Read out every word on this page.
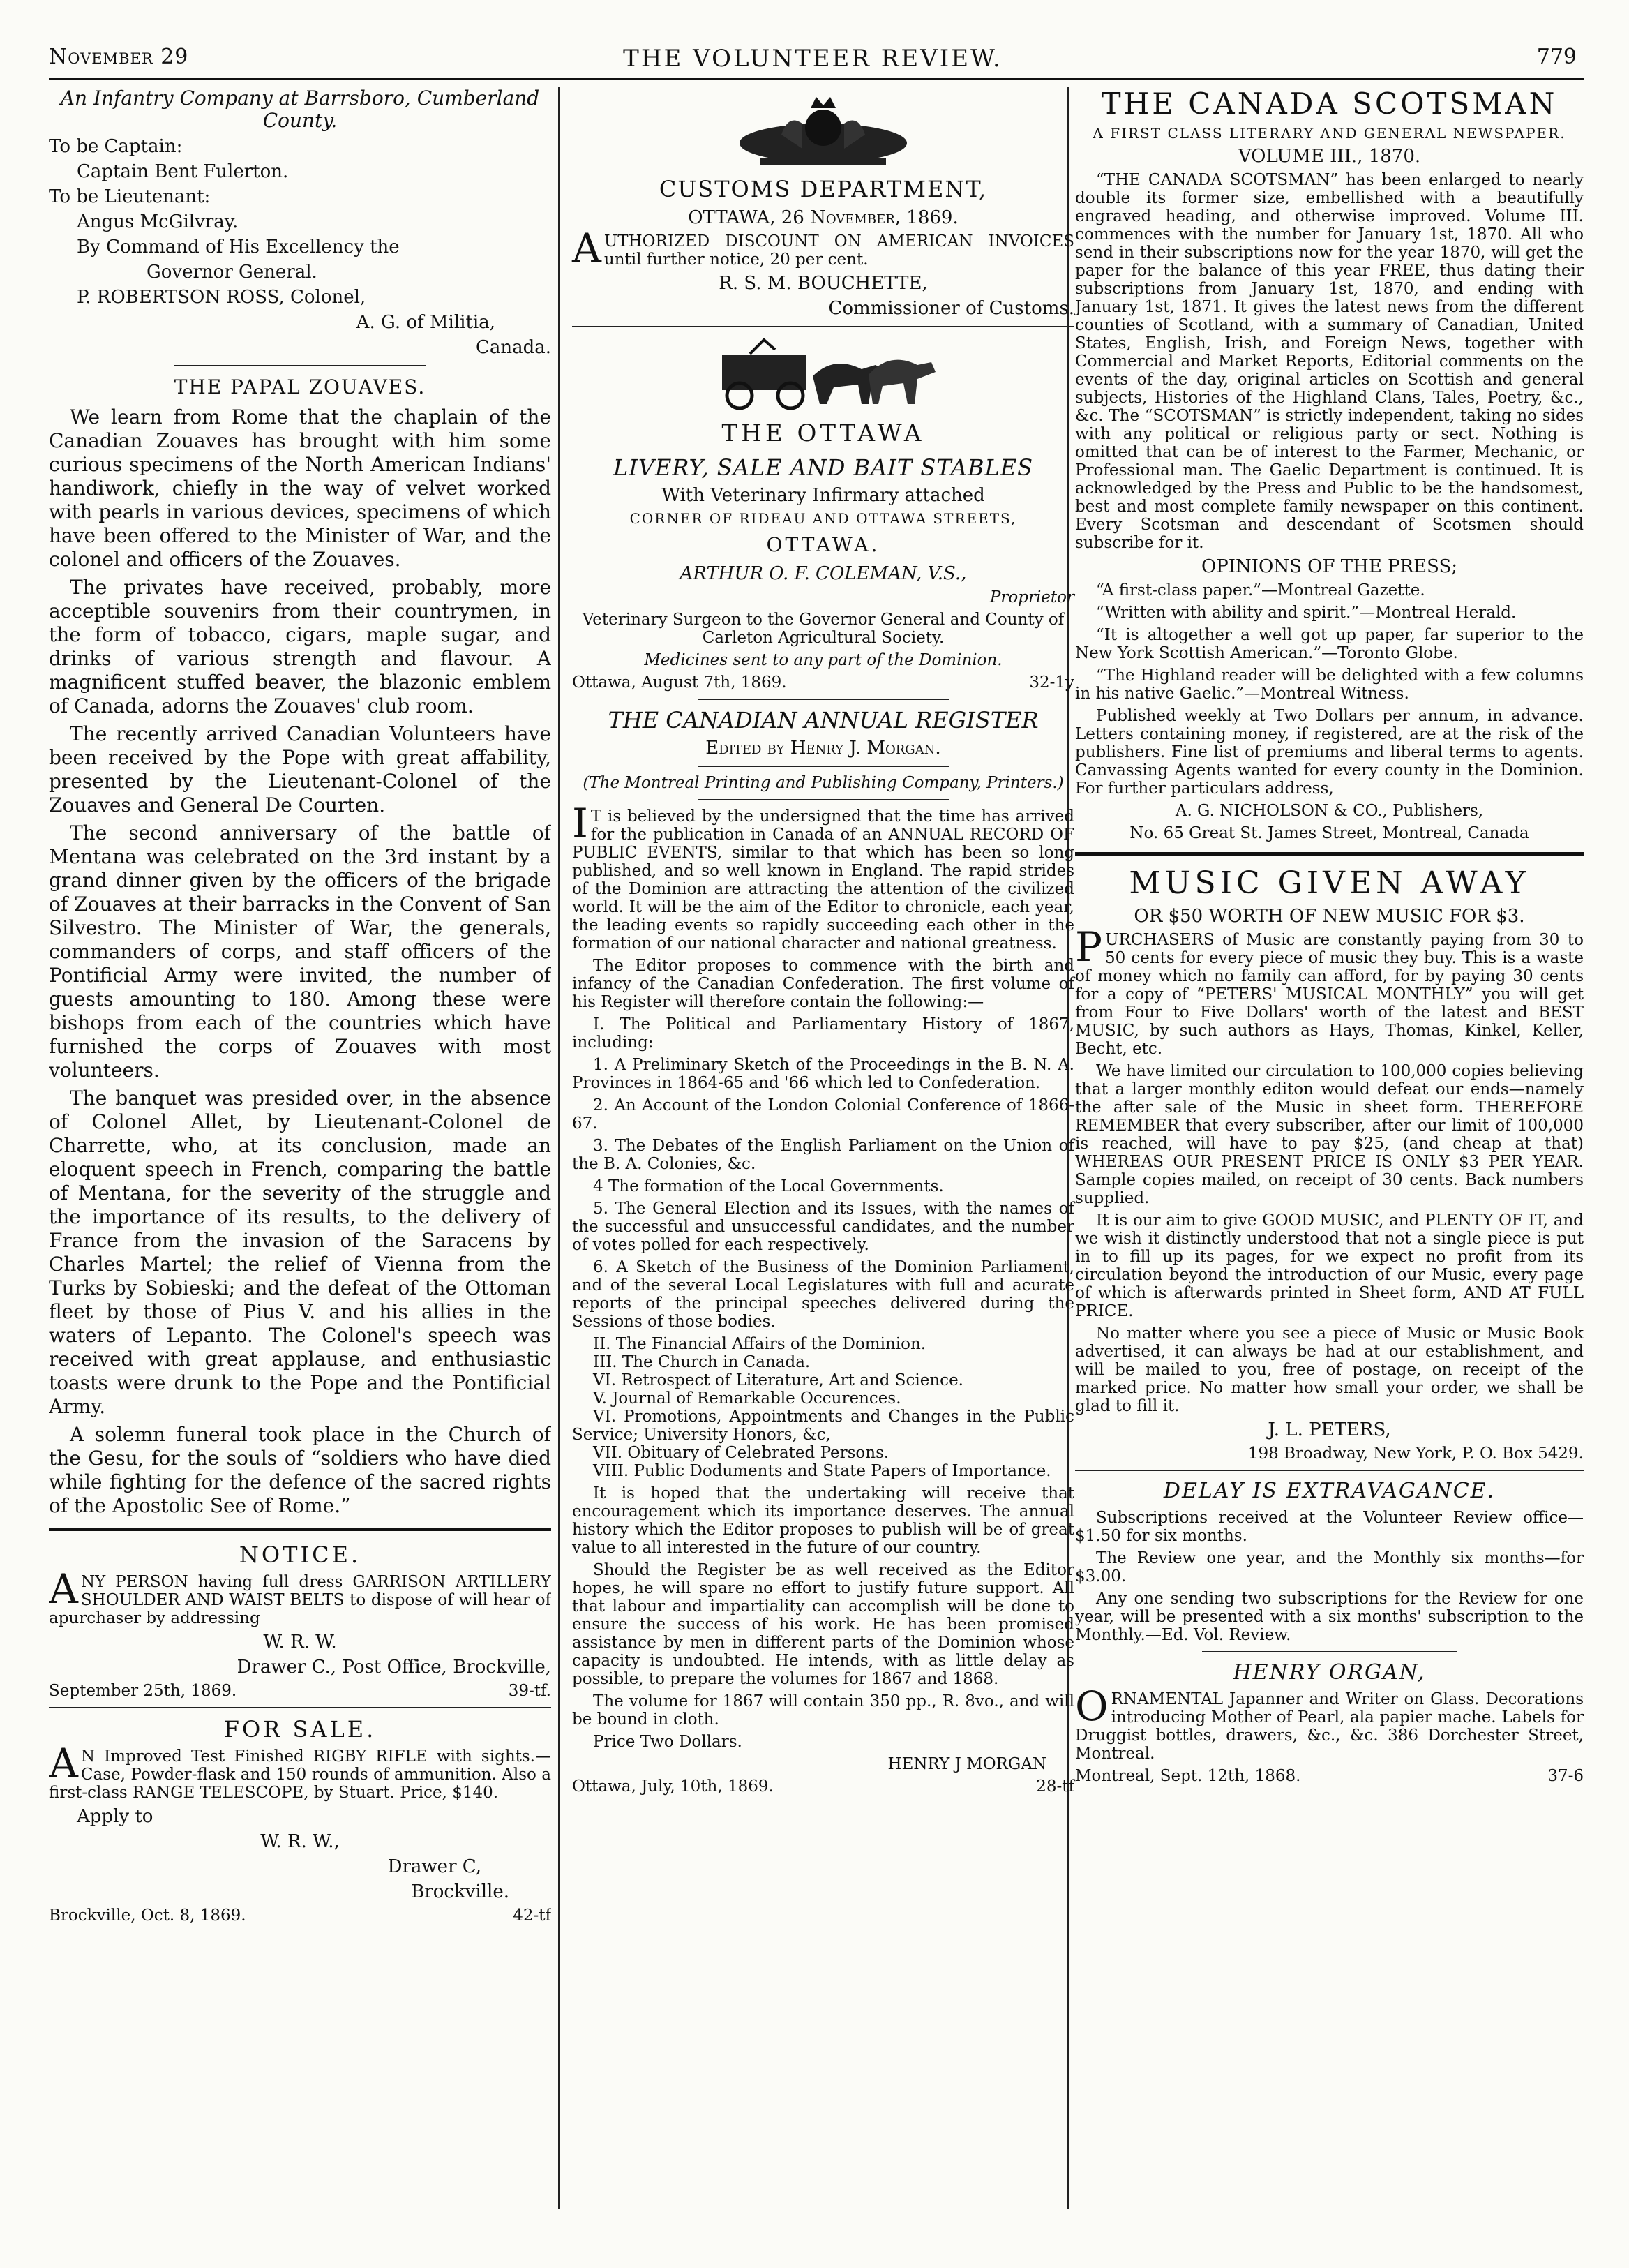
November 29	THE VOLUNTEER REVIEW.	779

An Infantry Company at Barrsboro, Cumberland County.

To be Captain:

Captain Bent Fulerton.

To be Lieutenant:

Angus McGilvray.

By Command of His Excellency the

Governor General.

P. ROBERTSON ROSS, Colonel,

A. G. of Militia,

Canada.

THE PAPAL ZOUAVES.

We learn from Rome that the chaplain of the Canadian Zouaves has brought with him some curious specimens of the North American Indians' handiwork, chiefly in the way of velvet worked with pearls in various devices, specimens of which have been offered to the Minister of War, and the colonel and officers of the Zouaves.

The privates have received, probably, more acceptible souvenirs from their countrymen, in the form of tobacco, cigars, maple sugar, and drinks of various strength and flavour. A magnificent stuffed beaver, the blazonic emblem of Canada, adorns the Zouaves' club room.

The recently arrived Canadian Volunteers have been received by the Pope with great affability, presented by the Lieutenant-Colonel of the Zouaves and General De Courten.

The second anniversary of the battle of Mentana was celebrated on the 3rd instant by a grand dinner given by the officers of the brigade of Zouaves at their barracks in the Convent of San Silvestro. The Minister of War, the generals, commanders of corps, and staff officers of the Pontificial Army were invited, the number of guests amounting to 180. Among these were bishops from each of the countries which have furnished the corps of Zouaves with most volunteers.

The banquet was presided over, in the absence of Colonel Allet, by Lieutenant-Colonel de Charrette, who, at its conclusion, made an eloquent speech in French, comparing the battle of Mentana, for the severity of the struggle and the importance of its results, to the delivery of France from the invasion of the Saracens by Charles Martel; the relief of Vienna from the Turks by Sobieski; and the defeat of the Ottoman fleet by those of Pius V. and his allies in the waters of Lepanto. The Colonel's speech was received with great applause, and enthusiastic toasts were drunk to the Pope and the Pontificial Army.

A solemn funeral took place in the Church of the Gesu, for the souls of “soldiers who have died while fighting for the defence of the sacred rights of the Apostolic See of Rome.”

NOTICE.

ANY PERSON having full dress GARRISON ARTILLERY SHOULDER AND WAIST BELTS to dispose of will hear of apurchaser by addressing

W. R. W.

Drawer C., Post Office, Brockville,

September 25th, 1869.	39-tf.

FOR SALE.

AN Improved Test Finished RIGBY RIFLE with sights.—Case, Powder-flask and 150 rounds of ammunition. Also a first-class RANGE TELESCOPE, by Stuart. Price, $140.

Apply to

W. R. W.,

Drawer C,

Brockville.

Brockville, Oct. 8, 1869.	42-tf

CUSTOMS DEPARTMENT,

OTTAWA, 26 November, 1869.

AUTHORIZED DISCOUNT ON AMERICAN INVOICES until further notice, 20 per cent.

R. S. M. BOUCHETTE,

Commissioner of Customs.

THE OTTAWA

LIVERY, SALE AND BAIT STABLES

With Veterinary Infirmary attached

CORNER OF RIDEAU AND OTTAWA STREETS,

OTTAWA.

ARTHUR O. F. COLEMAN, V.S.,

Proprietor

Veterinary Surgeon to the Governor General and County of Carleton Agricultural Society.

Medicines sent to any part of the Dominion.

Ottawa, August 7th, 1869.	32-1y

THE CANADIAN ANNUAL REGISTER

Edited by Henry J. Morgan.

(The Montreal Printing and Publishing Company, Printers.)

IT is believed by the undersigned that the time has arrived for the publication in Canada of an ANNUAL RECORD OF PUBLIC EVENTS, similar to that which has been so long published, and so well known in England. The rapid strides of the Dominion are attracting the attention of the civilized world. It will be the aim of the Editor to chronicle, each year, the leading events so rapidly succeeding each other in the formation of our national character and national greatness.

The Editor proposes to commence with the birth and infancy of the Canadian Confederation. The first volume of his Register will therefore contain the following:—

I. The Political and Parliamentary History of 1867, including:

1. A Preliminary Sketch of the Proceedings in the B. N. A. Provinces in 1864-65 and '66 which led to Confederation.

2. An Account of the London Colonial Conference of 1866-67.

3. The Debates of the English Parliament on the Union of the B. A. Colonies, &c.

4 The formation of the Local Governments.

5. The General Election and its Issues, with the names of the successful and unsuccessful candidates, and the number of votes polled for each respectively.

6. A Sketch of the Business of the Dominion Parliament, and of the several Local Legislatures with full and acurate reports of the principal speeches delivered during the Sessions of those bodies.

II. The Financial Affairs of the Dominion.

III. The Church in Canada.

VI. Retrospect of Literature, Art and Science.

V. Journal of Remarkable Occurences.

VI. Promotions, Appointments and Changes in the Public Service; University Honors, &c,

VII. Obituary of Celebrated Persons.

VIII. Public Doduments and State Papers of Importance.

It is hoped that the undertaking will receive that encouragement which its importance deserves. The annual history which the Editor proposes to publish will be of great value to all interested in the future of our country.

Should the Register be as well received as the Editor hopes, he will spare no effort to justify future support. All that labour and impartiality can accomplish will be done to ensure the success of his work. He has been promised assistance by men in different parts of the Dominion whose capacity is undoubted. He intends, with as little delay as possible, to prepare the volumes for 1867 and 1868.

The volume for 1867 will contain 350 pp., R. 8vo., and will be bound in cloth.

Price Two Dollars.

HENRY J MORGAN

Ottawa, July, 10th, 1869.	28-tf

THE CANADA SCOTSMAN

A FIRST CLASS LITERARY AND GENERAL NEWSPAPER.

VOLUME III., 1870.

“THE CANADA SCOTSMAN” has been enlarged to nearly double its former size, embellished with a beautifully engraved heading, and otherwise improved. Volume III. commences with the number for January 1st, 1870. All who send in their subscriptions now for the year 1870, will get the paper for the balance of this year FREE, thus dating their subscriptions from January 1st, 1870, and ending with January 1st, 1871. It gives the latest news from the different counties of Scotland, with a summary of Canadian, United States, English, Irish, and Foreign News, together with Commercial and Market Reports, Editorial comments on the events of the day, original articles on Scottish and general subjects, Histories of the Highland Clans, Tales, Poetry, &c., &c. The “SCOTSMAN” is strictly independent, taking no sides with any political or religious party or sect. Nothing is omitted that can be of interest to the Farmer, Mechanic, or Professional man. The Gaelic Department is continued. It is acknowledged by the Press and Public to be the handsomest, best and most complete family newspaper on this continent. Every Scotsman and descendant of Scotsmen should subscribe for it.

OPINIONS OF THE PRESS;

“A first-class paper.”—Montreal Gazette.

“Written with ability and spirit.”—Montreal Herald.

“It is altogether a well got up paper, far superior to the New York Scottish American.”—Toronto Globe.

“The Highland reader will be delighted with a few columns in his native Gaelic.”—Montreal Witness.

Published weekly at Two Dollars per annum, in advance. Letters containing money, if registered, are at the risk of the publishers. Fine list of premiums and liberal terms to agents. Canvassing Agents wanted for every county in the Dominion. For further particulars address,

A. G. NICHOLSON & CO., Publishers,

No. 65 Great St. James Street, Montreal, Canada

MUSIC GIVEN AWAY

OR $50 WORTH OF NEW MUSIC FOR $3.

PURCHASERS of Music are constantly paying from 30 to 50 cents for every piece of music they buy. This is a waste of money which no family can afford, for by paying 30 cents for a copy of “PETERS' MUSICAL MONTHLY” you will get from Four to Five Dollars' worth of the latest and BEST MUSIC, by such authors as Hays, Thomas, Kinkel, Keller, Becht, etc.

We have limited our circulation to 100,000 copies believing that a larger monthly editon would defeat our ends—namely the after sale of the Music in sheet form. THEREFORE REMEMBER that every subscriber, after our limit of 100,000 is reached, will have to pay $25, (and cheap at that) WHEREAS OUR PRESENT PRICE IS ONLY $3 PER YEAR. Sample copies mailed, on receipt of 30 cents. Back numbers supplied.

It is our aim to give GOOD MUSIC, and PLENTY OF IT, and we wish it distinctly understood that not a single piece is put in to fill up its pages, for we expect no profit from its circulation beyond the introduction of our Music, every page of which is afterwards printed in Sheet form, AND AT FULL PRICE.

No matter where you see a piece of Music or Music Book advertised, it can always be had at our establishment, and will be mailed to you, free of postage, on receipt of the marked price. No matter how small your order, we shall be glad to fill it.

J. L. PETERS,

198 Broadway, New York, P. O. Box 5429.

DELAY IS EXTRAVAGANCE.

Subscriptions received at the Volunteer Review office—$1.50 for six months.

The Review one year, and the Monthly six months—for $3.00.

Any one sending two subscriptions for the Review for one year, will be presented with a six months' subscription to the Monthly.—Ed. Vol. Review.

HENRY ORGAN,

ORNAMENTAL Japanner and Writer on Glass. Decorations introducing Mother of Pearl, ala papier mache. Labels for Druggist bottles, drawers, &c., &c. 386 Dorchester Street, Montreal.

Montreal, Sept. 12th, 1868.	37-6
